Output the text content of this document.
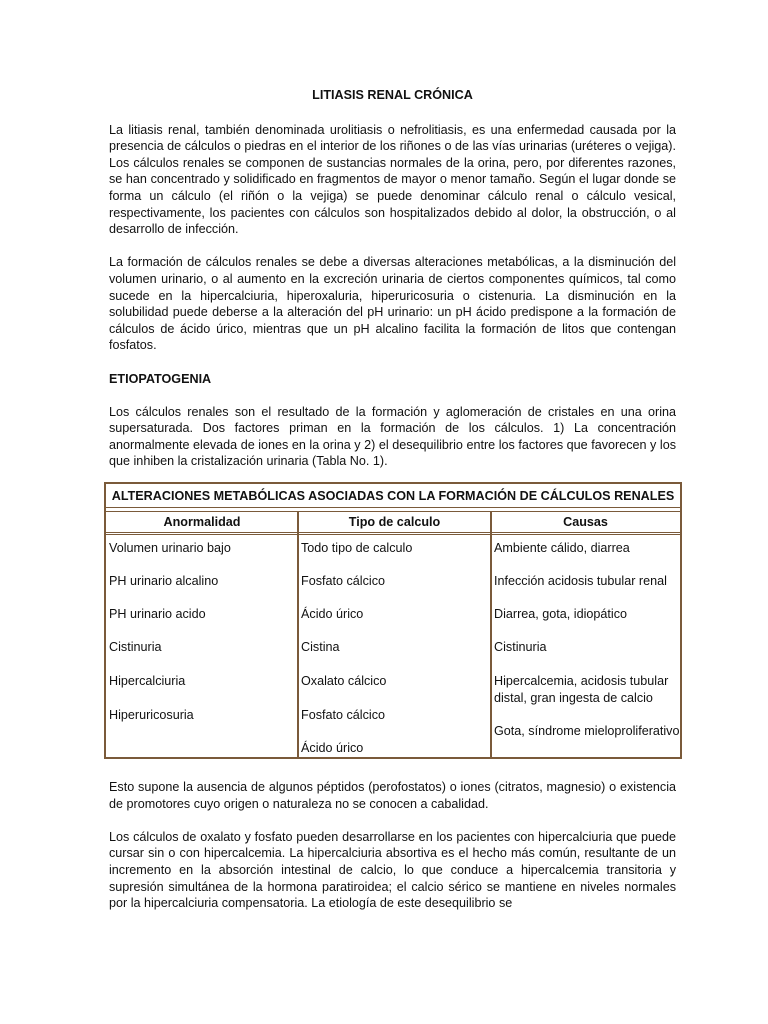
LITIASIS RENAL CRÓNICA

La litiasis renal, también denominada urolitiasis o nefrolitiasis, es una enfermedad causada por la presencia de cálculos o piedras en el interior de los riñones o de las vías urinarias (uréteres o vejiga). Los cálculos renales se componen de sustancias normales de la orina, pero, por diferentes razones, se han concentrado y solidificado en fragmentos de mayor o menor tamaño. Según el lugar donde se forma un cálculo (el riñón o la vejiga) se puede denominar cálculo renal o cálculo vesical, respectivamente, los pacientes con cálculos son hospitalizados debido al dolor, la obstrucción, o al desarrollo de infección.

La formación de cálculos renales se debe a diversas alteraciones metabólicas, a la disminución del volumen urinario, o al aumento en la excreción urinaria de ciertos componentes químicos, tal como sucede en la hipercalciuria, hiperoxaluria, hiperuricosuria o cistenuria. La disminución en la solubilidad puede deberse a la alteración del pH urinario: un pH ácido predispone a la formación de cálculos de ácido úrico, mientras que un pH alcalino facilita la formación de litos que contengan fosfatos.

ETIOPATOGENIA

Los cálculos renales son el resultado de la formación y aglomeración de cristales en una orina supersaturada. Dos factores priman en la formación de los cálculos. 1) La concentración anormalmente elevada de iones en la orina y 2) el desequilibrio entre los factores que favorecen y los que inhiben la cristalización urinaria (Tabla No. 1).

ALTERACIONES METABÓLICAS ASOCIADAS CON LA FORMACIÓN DE CÁLCULOS RENALES
Anormalidad	Tipo de calculo	Causas
Volumen urinario bajo
PH urinario alcalino
PH urinario acido
Cistinuria
Hipercalciuria
Hiperuricosuria
Todo tipo de calculo
Fosfato cálcico
Ácido úrico
Cistina
Oxalato cálcico
Fosfato cálcico
Ácido úrico
Ambiente cálido, diarrea
Infección acidosis tubular renal
Diarrea, gota, idiopático
Cistinuria
Hipercalcemia, acidosis tubular distal, gran ingesta de calcio
Gota, síndrome mieloproliferativo

Esto supone la ausencia de algunos péptidos (perofostatos) o iones (citratos, magnesio) o existencia de promotores cuyo origen o naturaleza no se conocen a cabalidad.

Los cálculos de oxalato y fosfato pueden desarrollarse en los pacientes con hipercalciuria que puede cursar sin o con hipercalcemia. La hipercalciuria absortiva es el hecho más común, resultante de un incremento en la absorción intestinal de calcio, lo que conduce a hipercalcemia transitoria y supresión simultánea de la hormona paratiroidea; el calcio sérico se mantiene en niveles normales por la hipercalciuria compensatoria. La etiología de este desequilibrio se
